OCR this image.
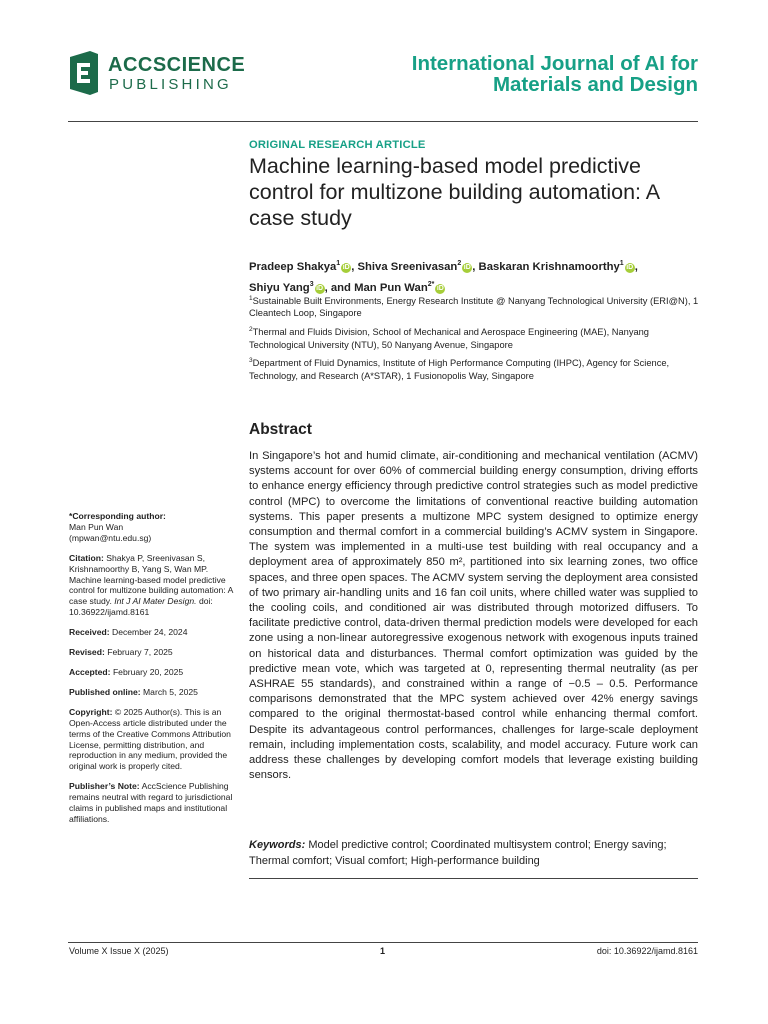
ACCSCIENCE
PUBLISHING
International Journal of AI for
Materials and Design
ORIGINAL RESEARCH ARTICLE
Machine learning-based model predictive control for multizone building automation: A case study
Pradeep Shakya$^1$iD , Shiva Sreenivasan$^2$iD , Baskaran Krishnamoorthy$^1$iD ,
Shiyu Yang$^3$iD , and Man Pun Wan$^{2*}$iD
$^1$Sustainable Built Environments, Energy Research Institute @ Nanyang Technological University (ERI@N), 1 Cleantech Loop, Singapore
$^2$Thermal and Fluids Division, School of Mechanical and Aerospace Engineering (MAE), Nanyang Technological University (NTU), 50 Nanyang Avenue, Singapore
$^3$Department of Fluid Dynamics, Institute of High Performance Computing (IHPC), Agency for Science, Technology, and Research (A*STAR), 1 Fusionopolis Way, Singapore
Abstract
In Singapore’s hot and humid climate, air-conditioning and mechanical ventilation (ACMV) systems account for over 60% of commercial building energy consumption, driving efforts to enhance energy efficiency through predictive control strategies such as model predictive control (MPC) to overcome the limitations of conventional reactive building automation systems. This paper presents a multizone MPC system designed to optimize energy consumption and thermal comfort in a commercial building’s ACMV system in Singapore. The system was implemented in a multi-use test building with real occupancy and a deployment area of approximately 850 m², partitioned into six learning zones, two office spaces, and three open spaces. The ACMV system serving the deployment area consisted of two primary air-handling units and 16 fan coil units, where chilled water was supplied to the cooling coils, and conditioned air was distributed through motorized diffusers. To facilitate predictive control, data-driven thermal prediction models were developed for each zone using a non-linear autoregressive exogenous network with exogenous inputs trained on historical data and disturbances. Thermal comfort optimization was guided by the predictive mean vote, which was targeted at 0, representing thermal neutrality (as per ASHRAE 55 standards), and constrained within a range of −0.5 – 0.5. Performance comparisons demonstrated that the MPC system achieved over 42% energy savings compared to the original thermostat-based control while enhancing thermal comfort. Despite its advantageous control performances, challenges for large-scale deployment remain, including implementation costs, scalability, and model accuracy. Future work can address these challenges by developing comfort models that leverage existing building sensors.
Keywords: Model predictive control; Coordinated multisystem control; Energy saving; Thermal comfort; Visual comfort; High-performance building
*Corresponding author:
Man Pun Wan
(mpwan@ntu.edu.sg)
Citation: Shakya P, Sreenivasan S, Krishnamoorthy B, Yang S, Wan MP. Machine learning-based model predictive control for multizone building automation: A case study. Int J AI Mater Design. doi: 10.36922/ijamd.8161
Received: December 24, 2024
Revised: February 7, 2025
Accepted: February 20, 2025
Published online: March 5, 2025
Copyright: © 2025 Author(s). This is an Open-Access article distributed under the terms of the Creative Commons Attribution License, permitting distribution, and reproduction in any medium, provided the original work is properly cited.
Publisher’s Note: AccScience Publishing remains neutral with regard to jurisdictional claims in published maps and institutional affiliations.
Volume X Issue X (2025)	1	doi: 10.36922/ijamd.8161
